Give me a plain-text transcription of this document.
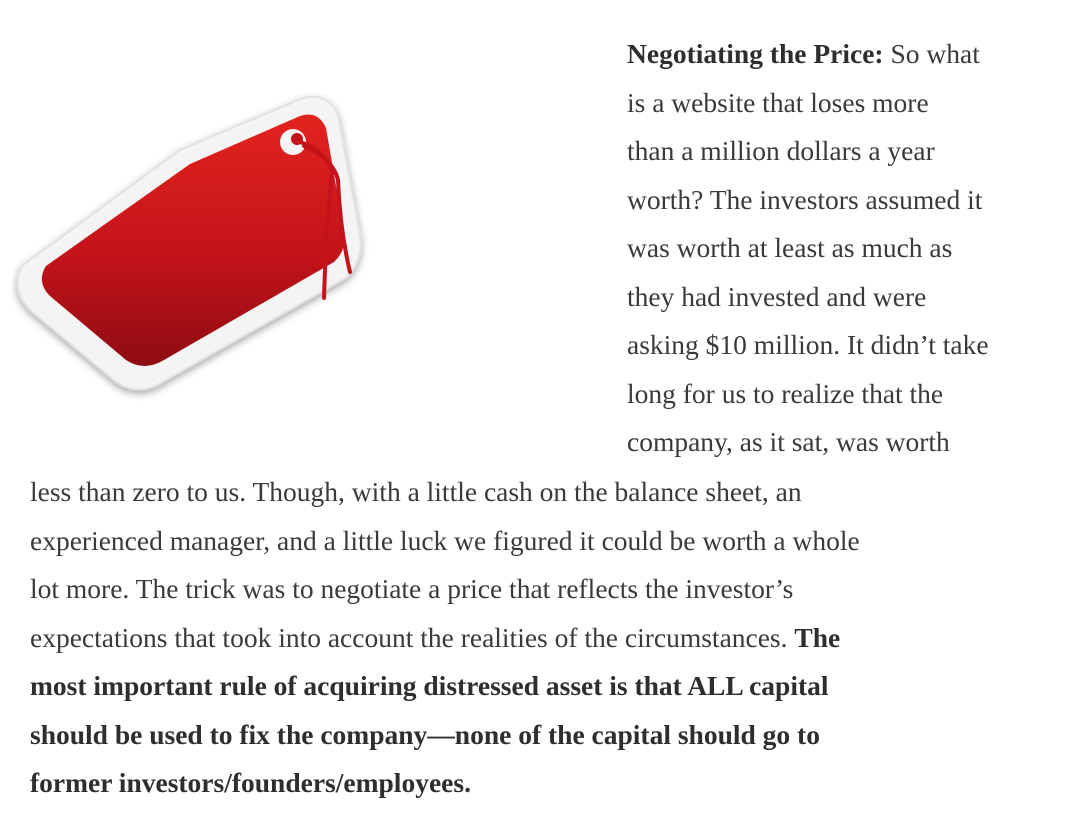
Negotiating the Price: So what
is a website that loses more
than a million dollars a year
worth? The investors assumed it
was worth at least as much as
they had invested and were
asking $10 million. It didn’t take
long for us to realize that the
company, as it sat, was worth
less than zero to us. Though, with a little cash on the balance sheet, an
experienced manager, and a little luck we figured it could be worth a whole
lot more. The trick was to negotiate a price that reflects the investor’s
expectations that took into account the realities of the circumstances. The
most important rule of acquiring distressed asset is that ALL capital
should be used to fix the company—none of the capital should go to
former investors/founders/employees.
